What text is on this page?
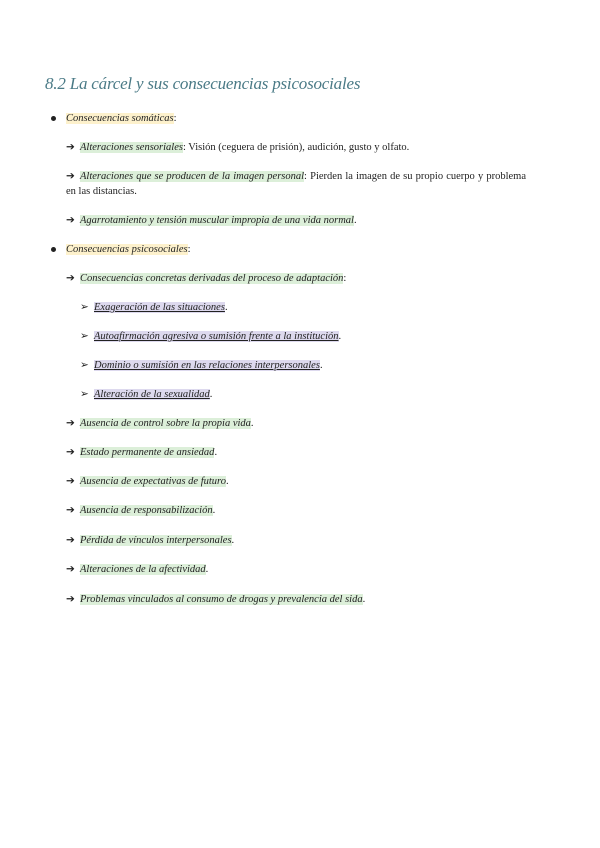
8.2 La cárcel y sus consecuencias psicosociales
Consecuencias somáticas:
➔ Alteraciones sensoriales: Visión (ceguera de prisión), audición, gusto y olfato.
➔ Alteraciones que se producen de la imagen personal: Pierden la imagen de su propio cuerpo y problema en las distancias.
➔ Agarrotamiento y tensión muscular impropia de una vida normal.
Consecuencias psicosociales:
➔ Consecuencias concretas derivadas del proceso de adaptación:
➢ Exageración de las situaciones.
➢ Autoafirmación agresiva o sumisión frente a la institución.
➢ Dominio o sumisión en las relaciones interpersonales.
➢ Alteración de la sexualidad.
➔ Ausencia de control sobre la propia vida.
➔ Estado permanente de ansiedad.
➔ Ausencia de expectativas de futuro.
➔ Ausencia de responsabilización.
➔ Pérdida de vínculos interpersonales.
➔ Alteraciones de la afectividad.
➔ Problemas vinculados al consumo de drogas y prevalencia del sida.
